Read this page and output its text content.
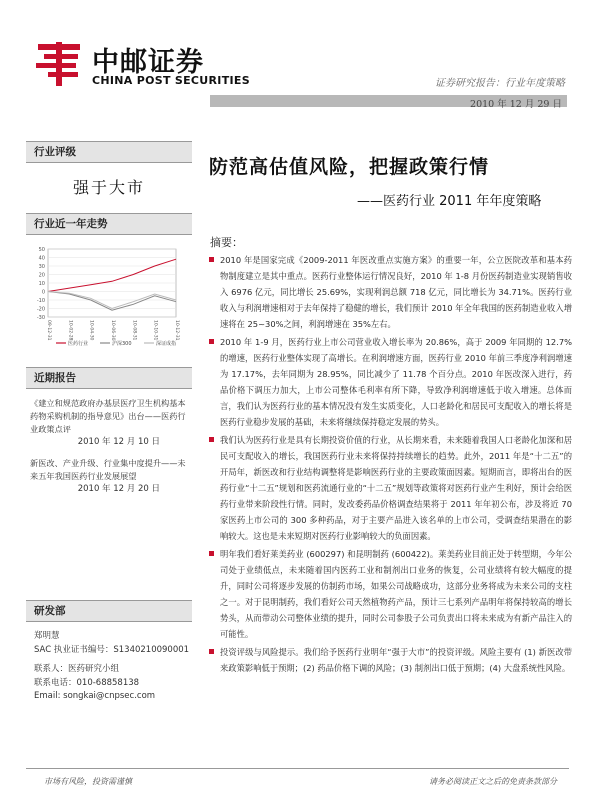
中邮证券
CHINA POST SECURITIES	证券研究报告：行业年度策略
2010 年 12 月 29 日
行业评级
强于大市
行业近一年走势
50
40
30
20
10
0
-10
-20
-30
09-12-31	10-02-28	10-04-30	10-06-30	10-08-31	10-10-31	10-12-31
医药行业	沪深300	深证成指
近期报告
《建立和规范政府办基层医疗卫生机构基本药物采购机制的指导意见》出台——医药行业政策点评
2010 年 12 月 10 日
新医改、产业升级、行业集中度提升——未来五年我国医药行业发展展望
2010 年 12 月 20 日
研发部
郑明慧
SAC 执业证书编号：S1340210090001
联系人：医药研究小组
联系电话：010-68858138
Email: songkai@cnpsec.com
防范高估值风险，把握政策行情
——医药行业 2011 年年度策略
摘要：
2010 年是国家完成《2009-2011 年医改重点实施方案》的重要一年，公立医院改革和基本药物制度建立是其中重点。医药行业整体运行情况良好，2010 年 1-8 月份医药制造业实现销售收入 6976 亿元，同比增长 25.69%，实现利润总额 718 亿元，同比增长为 34.71%。医药行业收入与利润增速相对于去年保持了稳健的增长，我们预计 2010 年全年我国的医药制造业收入增速将在 25~30%之间，利润增速在 35%左右。
2010 年 1-9 月，医药行业上市公司营业收入增长率为 20.86%，高于 2009 年同期的 12.7%的增速，医药行业整体实现了高增长。在利润增速方面，医药行业 2010 年前三季度净利润增速为 17.17%，去年同期为 28.95%，同比减少了 11.78 个百分点。2010 年医改深入进行，药品价格下调压力加大，上市公司整体毛利率有所下降，导致净利润增速低于收入增速。总体而言，我们认为医药行业的基本情况没有发生实质变化，人口老龄化和居民可支配收入的增长将是医药行业稳步发展的基础，未来将继续保持稳定发展的势头。
我们认为医药行业是具有长期投资价值的行业，从长期来看，未来随着我国人口老龄化加深和居民可支配收入的增长，我国医药行业未来将保持持续增长的趋势。此外，2011 年是“十二五”的开局年，新医改和行业结构调整将是影响医药行业的主要政策面因素。短期而言，即将出台的医药行业“十二五”规划和医药流通行业的“十二五”规划等政策将对医药行业产生利好，预计会给医药行业带来阶段性行情。同时，发改委药品价格调查结果将于 2011 年年初公布，涉及将近 70 家医药上市公司的 300 多种药品，对于主要产品进入该名单的上市公司，受调查结果潜在的影响较大。这也是未来短期对医药行业影响较大的负面因素。
明年我们看好莱美药业 (600297) 和昆明制药 (600422)。莱美药业目前正处于转型期，今年公司处于业绩低点，未来随着国内医药工业和制剂出口业务的恢复，公司业绩将有较大幅度的提升，同时公司将逐步发展的仿制药市场，如果公司战略成功，这部分业务将成为未来公司的支柱之一。对于昆明制药，我们看好公司天然植物药产品，预计三七系列产品明年将保持较高的增长势头，从而带动公司整体业绩的提升，同时公司参股子公司负责出口将未来成为有新产品注入的可能性。
投资评级与风险提示。我们给予医药行业明年“强于大市”的投资评级。风险主要有 (1) 新医改带来政策影响低于预期；(2) 药品价格下调的风险；(3) 制剂出口低于预期；(4) 大盘系统性风险。
市场有风险，投资需谨慎	请务必阅读正文之后的免责条款部分
